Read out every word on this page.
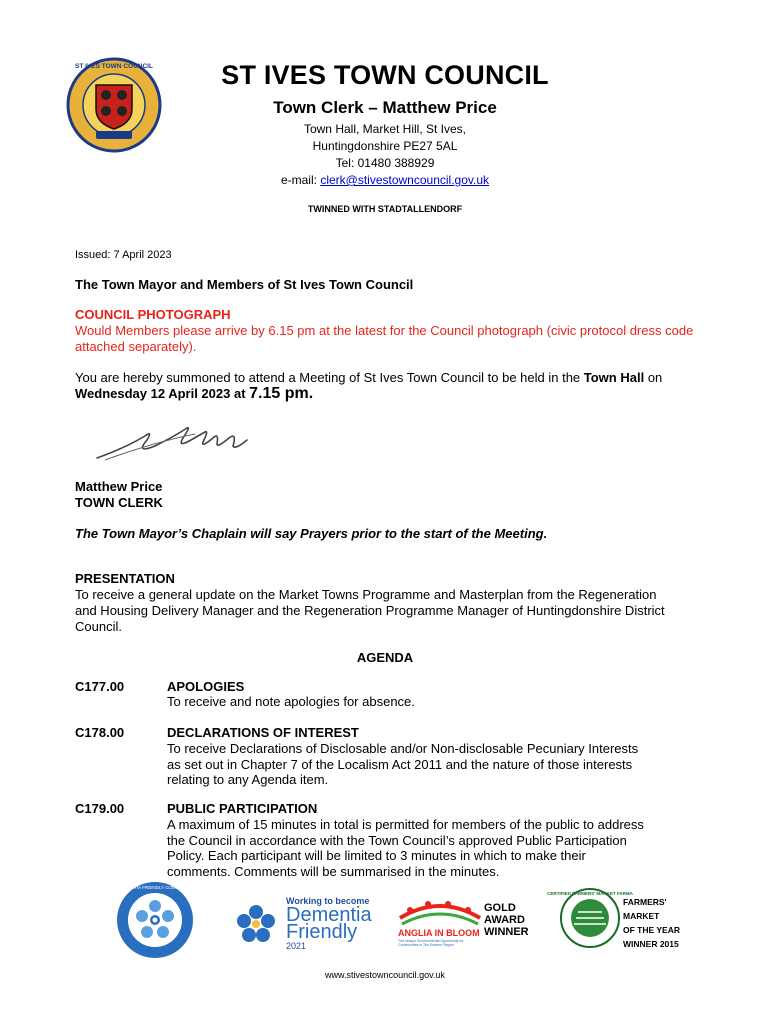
ST IVES TOWN COUNCIL	ST IVES TOWN COUNCIL
Town Clerk – Matthew Price
Town Hall, Market Hill, St Ives,
Huntingdonshire PE27 5AL
Tel: 01480 388929
e-mail: clerk@stivestowncouncil.gov.uk
TWINNED WITH STADTALLENDORF
Issued: 7 April 2023
The Town Mayor and Members of St Ives Town Council
COUNCIL PHOTOGRAPH
Would Members please arrive by 6.15 pm at the latest for the Council photograph (civic protocol dress code attached separately).
You are hereby summoned to attend a Meeting of St Ives Town Council to be held in the Town Hall on Wednesday 12 April 2023 at 7.15 pm.
Matthew Price
TOWN CLERK
The Town Mayor’s Chaplain will say Prayers prior to the start of the Meeting.
PRESENTATION
To receive a general update on the Market Towns Programme and Masterplan from the Regeneration and Housing Delivery Manager and the Regeneration Programme Manager of Huntingdonshire District Council.
AGENDA
C177.00	APOLOGIES
To receive and note apologies for absence.
C178.00	DECLARATIONS OF INTEREST
To receive Declarations of Disclosable and/or Non-disclosable Pecuniary Interests as set out in Chapter 7 of the Localism Act 2011 and the nature of those interests relating to any Agenda item.
C179.00	PUBLIC PARTICIPATION
A maximum of 15 minutes in total is permitted for members of the public to address the Council in accordance with the Town Council’s approved Public Participation Policy. Each participant will be limited to 3 minutes in which to make their comments. Comments will be summarised in the minutes.
ST IVES DEMENTIA FRIENDLY COMMUNITY GROUP
Working to become
Dementia
Friendly
2021
GOLD
AWARD
WINNER
ANGLIA IN BLOOM
The Unique Environmental Opportunity for Communities in The Eastern Region
CERTIFIED FARMERS' MARKET FARMA
FARMERS'
MARKET
OF THE YEAR
WINNER 2015
www.stivestowncouncil.gov.uk
